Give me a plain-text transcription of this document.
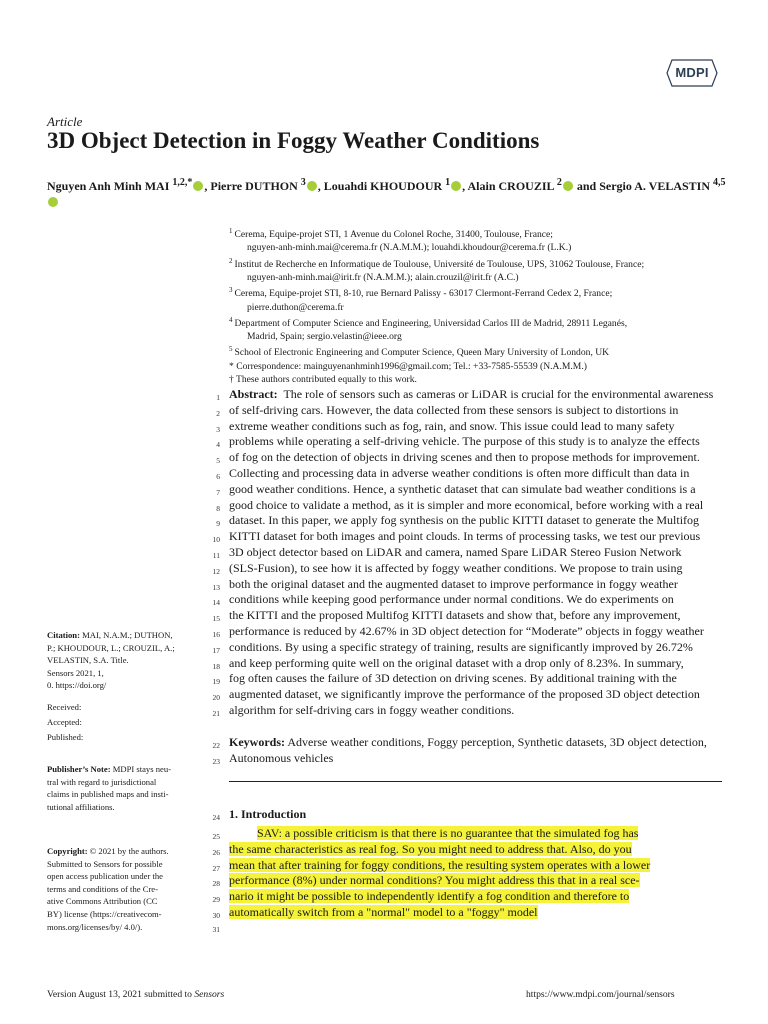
MDPI
Article
3D Object Detection in Foggy Weather Conditions
Nguyen Anh Minh MAI $^{1,2,*}$ , Pierre DUTHON $^3$ , Louahdi KHOUDOUR $^1$ , Alain CROUZIL $^2$ and Sergio A. VELASTIN $^{4,5}$
$^1$ Cerema, Equipe-projet STI, 1 Avenue du Colonel Roche, 31400, Toulouse, France;
nguyen-anh-minh.mai@cerema.fr (N.A.M.M.); louahdi.khoudour@cerema.fr (L.K.)
$^2$ Institut de Recherche en Informatique de Toulouse, Université de Toulouse, UPS, 31062 Toulouse, France;
nguyen-anh-minh.mai@irit.fr (N.A.M.M.); alain.crouzil@irit.fr (A.C.)
$^3$ Cerema, Equipe-projet STI, 8-10, rue Bernard Palissy - 63017 Clermont-Ferrand Cedex 2, France;
pierre.duthon@cerema.fr
$^4$ Department of Computer Science and Engineering, Universidad Carlos III de Madrid, 28911 Leganés,
Madrid, Spain; sergio.velastin@ieee.org
$^5$ School of Electronic Engineering and Computer Science, Queen Mary University of London, UK
* Correspondence: mainguyenanhminh1996@gmail.com; Tel.: +33-7585-55539 (N.A.M.M.)
† These authors contributed equally to this work.
1
2
3
4
5
6
7
8
9
10
11
12
13
14
15
16
17
18
19
20
21
22
23
24
25
26
27
28
29
30
31
Abstract: The role of sensors such as cameras or LiDAR is crucial for the environmental awareness
of self-driving cars. However, the data collected from these sensors is subject to distortions in
extreme weather conditions such as fog, rain, and snow. This issue could lead to many safety
problems while operating a self-driving vehicle. The purpose of this study is to analyze the effects
of fog on the detection of objects in driving scenes and then to propose methods for improvement.
Collecting and processing data in adverse weather conditions is often more difficult than data in
good weather conditions. Hence, a synthetic dataset that can simulate bad weather conditions is a
good choice to validate a method, as it is simpler and more economical, before working with a real
dataset. In this paper, we apply fog synthesis on the public KITTI dataset to generate the Multifog
KITTI dataset for both images and point clouds. In terms of processing tasks, we test our previous
3D object detector based on LiDAR and camera, named Spare LiDAR Stereo Fusion Network
(SLS-Fusion), to see how it is affected by foggy weather conditions. We propose to train using
both the original dataset and the augmented dataset to improve performance in foggy weather
conditions while keeping good performance under normal conditions. We do experiments on
the KITTI and the proposed Multifog KITTI datasets and show that, before any improvement,
performance is reduced by 42.67% in 3D object detection for “Moderate” objects in foggy weather
conditions. By using a specific strategy of training, results are significantly improved by 26.72%
and keep performing quite well on the original dataset with a drop only of 8.23%. In summary,
fog often causes the failure of 3D detection on driving scenes. By additional training with the
augmented dataset, we significantly improve the performance of the proposed 3D object detection
algorithm for self-driving cars in foggy weather conditions.
Keywords: Adverse weather conditions, Foggy perception, Synthetic datasets, 3D object detection,
Autonomous vehicles
1. Introduction
SAV: a possible criticism is that there is no guarantee that the simulated fog has
the same characteristics as real fog. So you might need to address that. Also, do you
mean that after training for foggy conditions, the resulting system operates with a lower
performance (8%) under normal conditions? You might address this that in a real sce-
nario it might be possible to independently identify a fog condition and therefore to
automatically switch from a "normal" model to a "foggy" model
Citation: MAI, N.A.M.; DUTHON,
P.; KHOUDOUR, L.; CROUZIL, A.;
VELASTIN, S.A. Title.
Sensors 2021, 1,
0. https://doi.org/
Received:
Accepted:
Published:
Publisher’s Note: MDPI stays neu-
tral with regard to jurisdictional
claims in published maps and insti-
tutional affiliations.
Copyright: © 2021 by the authors.
Submitted to Sensors for possible
open access publication under the
terms and conditions of the Cre-
ative Commons Attribution (CC
BY) license (https://creativecom-
mons.org/licenses/by/ 4.0/).
Version August 13, 2021 submitted to Sensors	https://www.mdpi.com/journal/sensors
